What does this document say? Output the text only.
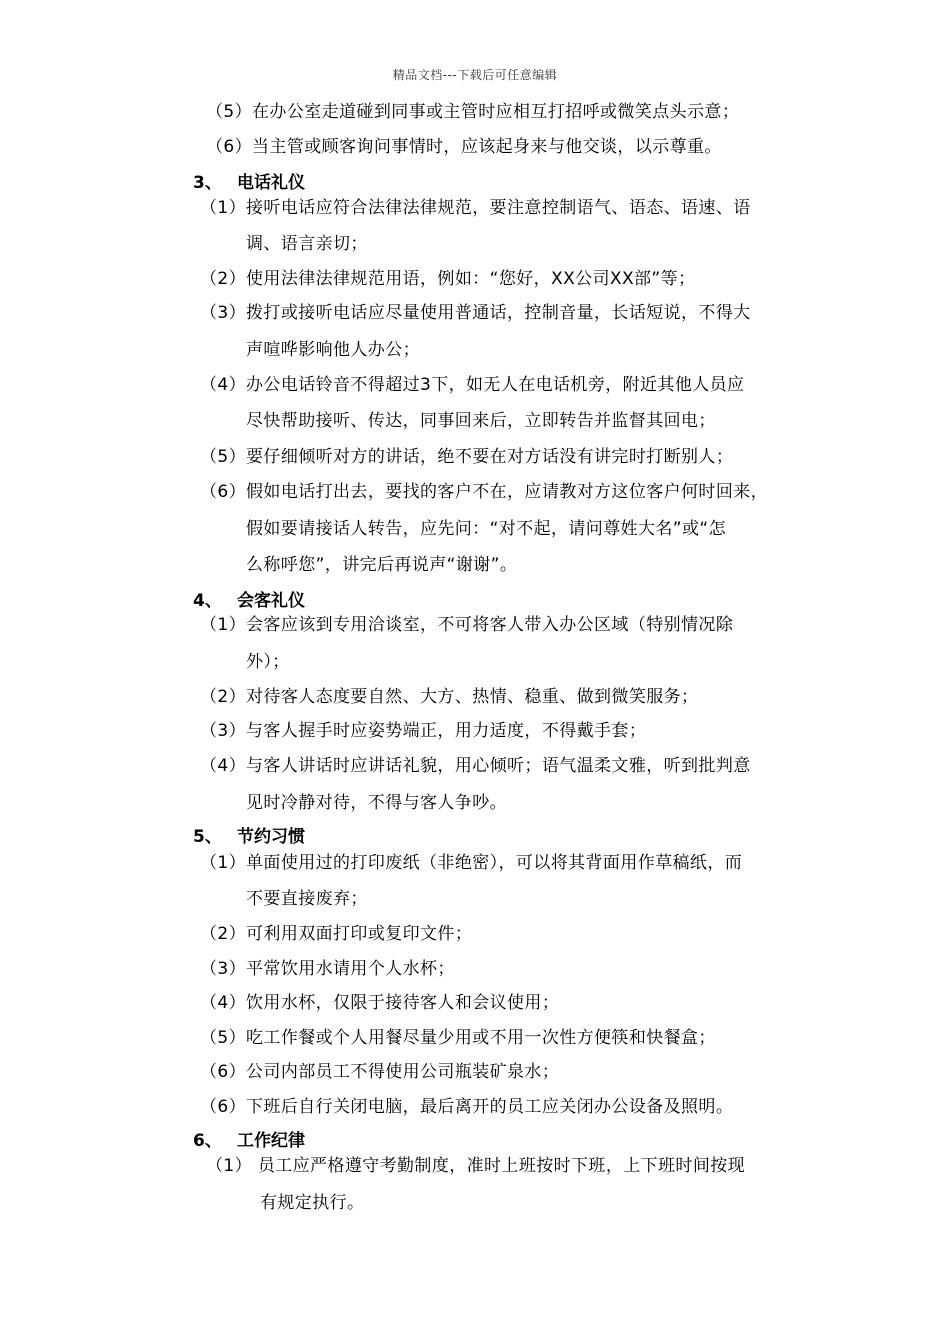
精品文档---下载后可任意编辑
（5）在办公室走道碰到同事或主管时应相互打招呼或微笑点头示意；
（6）当主管或顾客询问事情时，应该起身来与他交谈，以示尊重。
3、 电话礼仪
（1）接听电话应符合法律法律规范，要注意控制语气、语态、语速、语
调、语言亲切；
（2）使用法律法律规范用语，例如：“您好，XX公司XX部”等；
（3）拨打或接听电话应尽量使用普通话，控制音量，长话短说，不得大
声喧哗影响他人办公；
（4）办公电话铃音不得超过3下，如无人在电话机旁，附近其他人员应
尽快帮助接听、传达，同事回来后，立即转告并监督其回电；
（5）要仔细倾听对方的讲话，绝不要在对方话没有讲完时打断别人；
（6）假如电话打出去，要找的客户不在，应请教对方这位客户何时回来，
假如要请接话人转告，应先问：“对不起，请问尊姓大名”或“怎
么称呼您”，讲完后再说声“谢谢”。
4、 会客礼仪
（1）会客应该到专用洽谈室，不可将客人带入办公区域（特别情况除
外）；
（2）对待客人态度要自然、大方、热情、稳重、做到微笑服务；
（3）与客人握手时应姿势端正，用力适度，不得戴手套；
（4）与客人讲话时应讲话礼貌，用心倾听；语气温柔文雅，听到批判意
见时冷静对待，不得与客人争吵。
5、 节约习惯
（1）单面使用过的打印废纸（非绝密），可以将其背面用作草稿纸，而
不要直接废弃；
（2）可利用双面打印或复印文件；
（3）平常饮用水请用个人水杯；
（4）饮用水杯，仅限于接待客人和会议使用；
（5）吃工作餐或个人用餐尽量少用或不用一次性方便筷和快餐盒；
（6）公司内部员工不得使用公司瓶装矿泉水；
（6）下班后自行关闭电脑，最后离开的员工应关闭办公设备及照明。
6、 工作纪律
（1） 员工应严格遵守考勤制度，准时上班按时下班，上下班时间按现
有规定执行。
